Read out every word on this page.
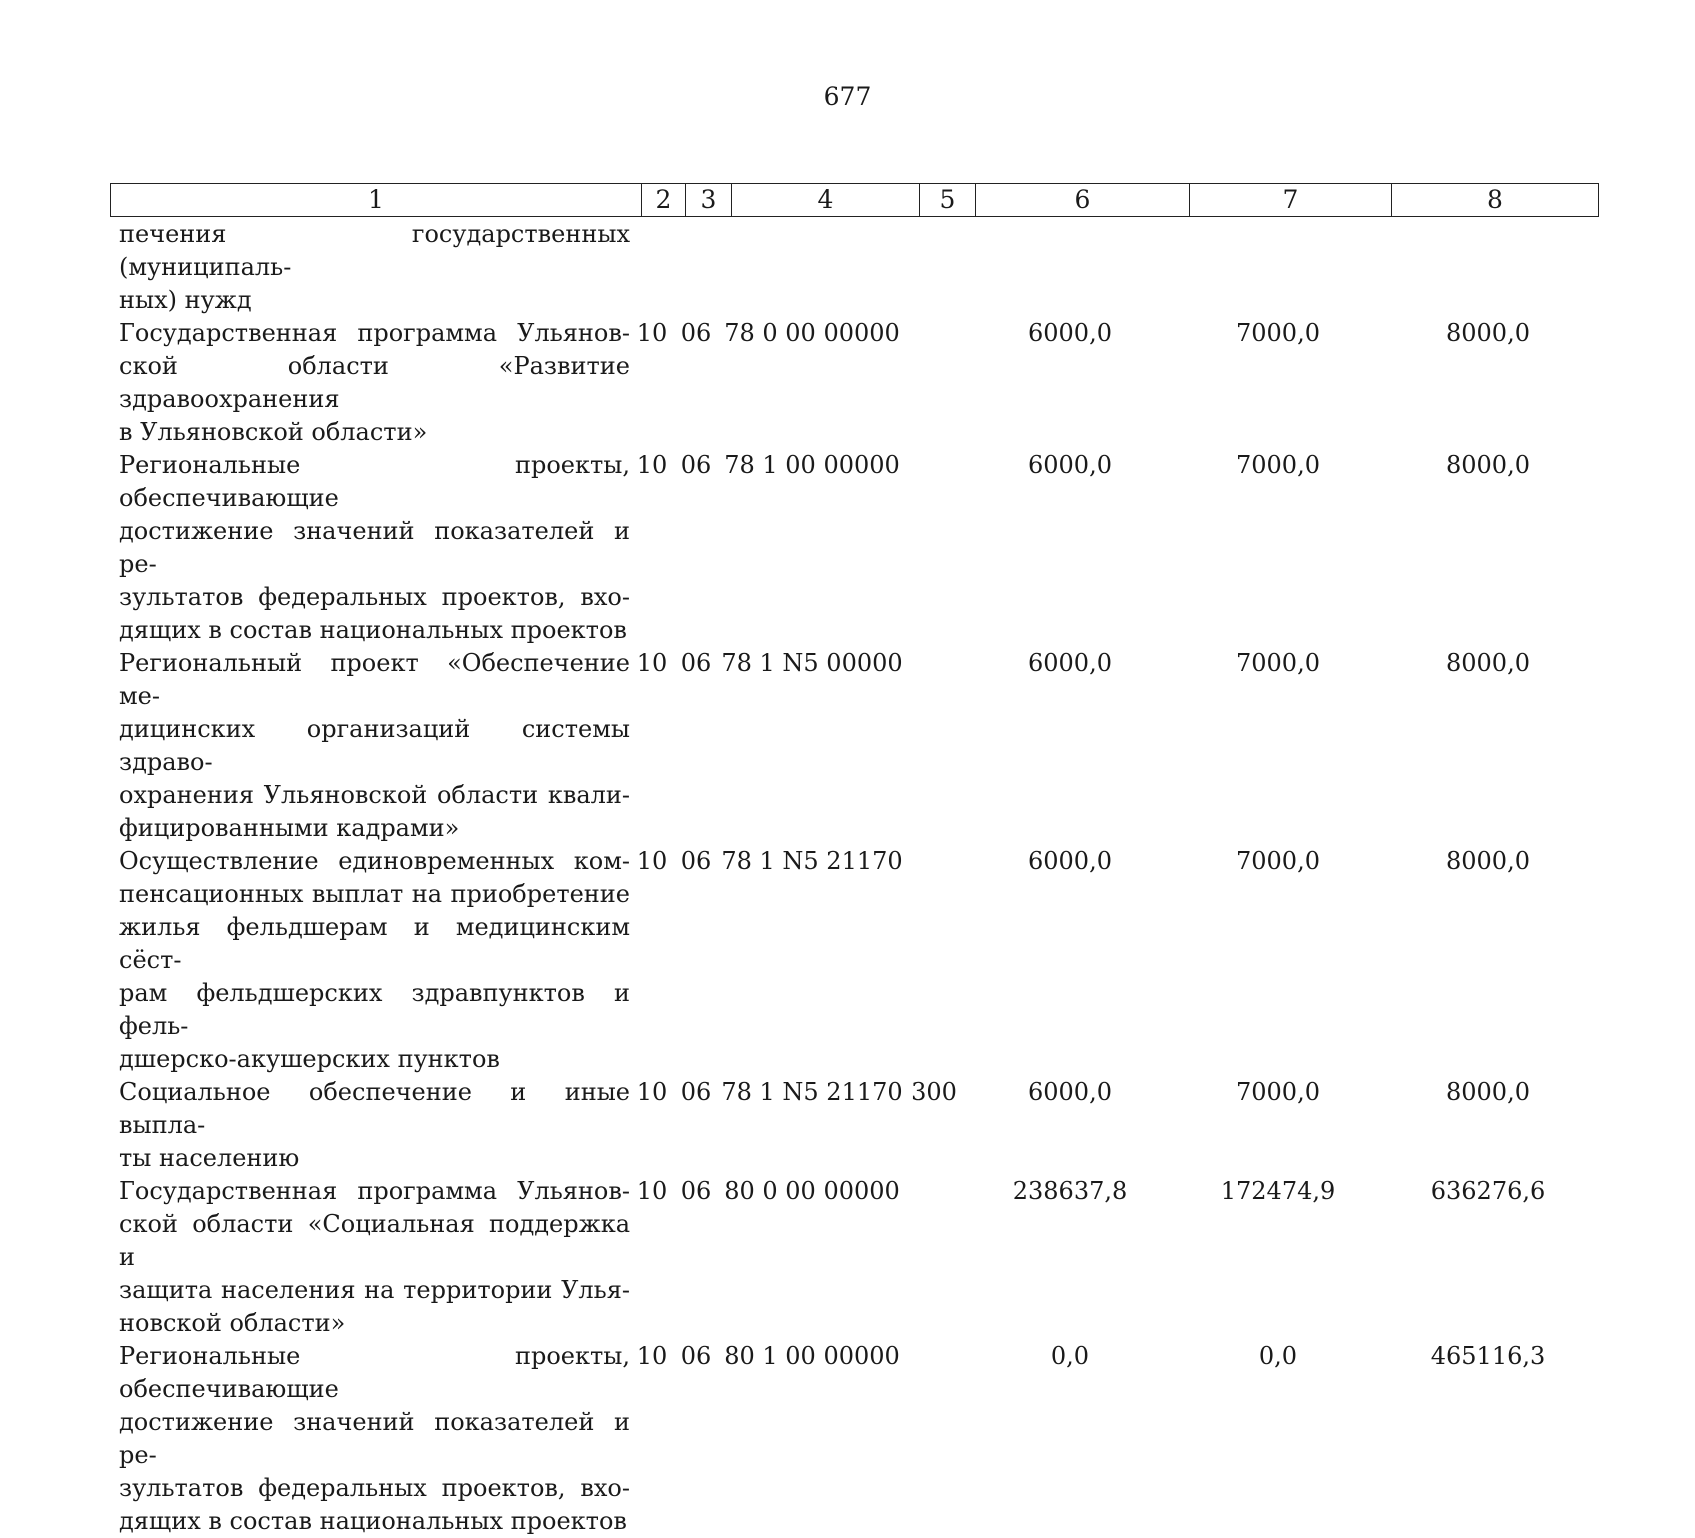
677
1	2	3	4	5	6	7	8
печения государственных (муниципаль-
ных) нужд
Государственная программа Ульянов-
ской области «Развитие здравоохранения
в Ульяновской области»
10 06 78 0 00 00000	6000,0	7000,0	8000,0
Региональные проекты, обеспечивающие
достижение значений показателей и ре-
зультатов федеральных проектов, вхо-
дящих в состав национальных проектов
10 06 78 1 00 00000	6000,0	7000,0	8000,0
Региональный проект «Обеспечение ме-
дицинских организаций системы здраво-
охранения Ульяновской области квали-
фицированными кадрами»
10 06 78 1 N5 00000	6000,0	7000,0	8000,0
Осуществление единовременных ком-
пенсационных выплат на приобретение
жилья фельдшерам и медицинским сёст-
рам фельдшерских здравпунктов и фель-
дшерско-акушерских пунктов
10 06 78 1 N5 21170	6000,0	7000,0	8000,0
Социальное обеспечение и иные выпла-
ты населению
10 06 78 1 N5 21170 300	6000,0	7000,0	8000,0
Государственная программа Ульянов-
ской области «Социальная поддержка и
защита населения на территории Улья-
новской области»
10 06 80 0 00 00000	238637,8	172474,9	636276,6
Региональные проекты, обеспечивающие
достижение значений показателей и ре-
зультатов федеральных проектов, вхо-
дящих в состав национальных проектов
10 06 80 1 00 00000	0,0	0,0	465116,3
